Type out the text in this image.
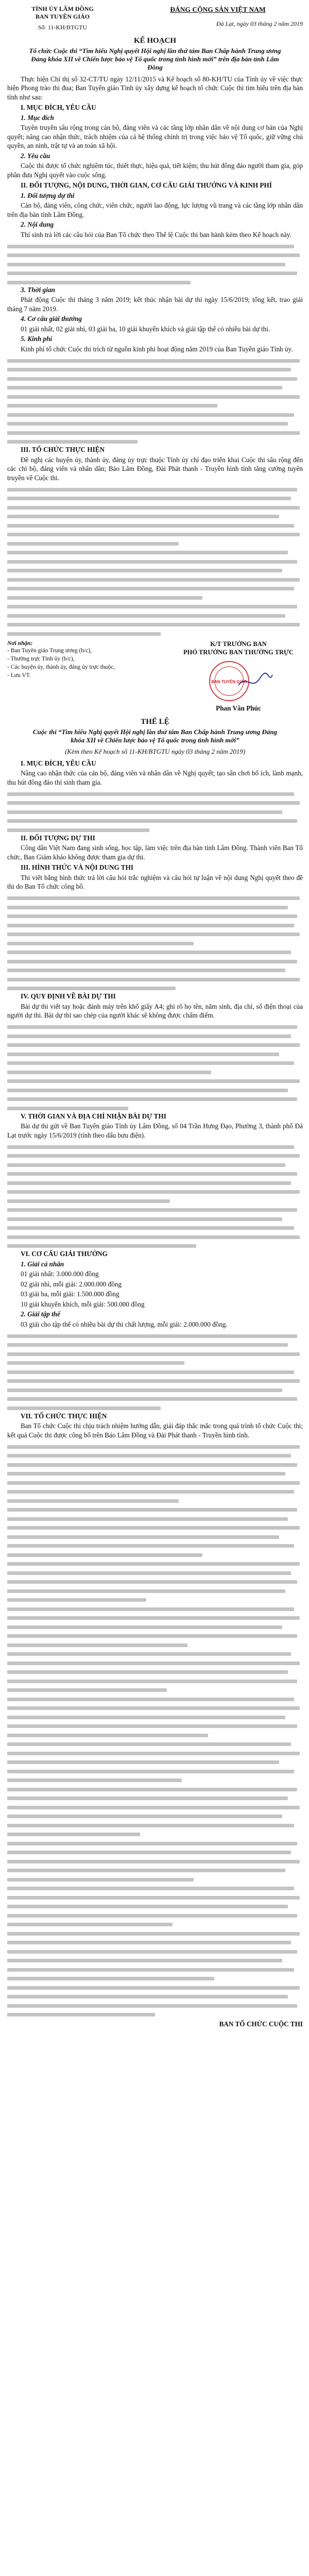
TỈNH ỦY LÂM ĐỒNG
BAN TUYÊN GIÁO
Số: 11-KH/BTGTU
ĐẢNG CỘNG SẢN VIỆT NAM
Đà Lạt, ngày 03 tháng 2 năm 2019
KẾ HOẠCH
Tổ chức Cuộc thi “Tìm hiểu Nghị quyết Hội nghị lần thứ tám Ban Chấp hành Trung ương Đảng khóa XII về Chiến lược bảo vệ Tổ quốc trong tình hình mới” trên địa bàn tỉnh Lâm Đồng

Thực hiện Chỉ thị số 32-CT/TU ngày 12/11/2015 và Kế hoạch số 80-KH/TU của Tỉnh ủy về việc thực hiện Phong trào thi đua; Ban Tuyên giáo Tỉnh ủy xây dựng kế hoạch tổ chức Cuộc thi tìm hiểu trên địa bàn tỉnh như sau:

I. MỤC ĐÍCH, YÊU CẦU
1. Mục đích

Tuyên truyền sâu rộng trong cán bộ, đảng viên và các tầng lớp nhân dân về nội dung cơ bản của Nghị quyết; nâng cao nhận thức, trách nhiệm của cả hệ thống chính trị trong việc bảo vệ Tổ quốc, giữ vững chủ quyền, an ninh, trật tự và an toàn xã hội.

2. Yêu cầu

Cuộc thi được tổ chức nghiêm túc, thiết thực, hiệu quả, tiết kiệm; thu hút đông đảo người tham gia, góp phần đưa Nghị quyết vào cuộc sống.

II. ĐỐI TƯỢNG, NỘI DUNG, THỜI GIAN, CƠ CẤU GIẢI THƯỞNG VÀ KINH PHÍ
1. Đối tượng dự thi

Cán bộ, đảng viên, công chức, viên chức, người lao động, lực lượng vũ trang và các tầng lớp nhân dân trên địa bàn tỉnh Lâm Đồng.

2. Nội dung

Thí sinh trả lời các câu hỏi của Ban Tổ chức theo Thể lệ Cuộc thi ban hành kèm theo Kế hoạch này.

3. Thời gian

Phát động Cuộc thi tháng 3 năm 2019; kết thúc nhận bài dự thi ngày 15/6/2019; tổng kết, trao giải tháng 7 năm 2019.

4. Cơ cấu giải thưởng

01 giải nhất, 02 giải nhì, 03 giải ba, 10 giải khuyến khích và giải tập thể có nhiều bài dự thi.

5. Kinh phí

Kinh phí tổ chức Cuộc thi trích từ nguồn kinh phí hoạt động năm 2019 của Ban Tuyên giáo Tỉnh ủy.

III. TỔ CHỨC THỰC HIỆN

Đề nghị các huyện ủy, thành ủy, đảng ủy trực thuộc Tỉnh ủy chỉ đạo triển khai Cuộc thi sâu rộng đến các chi bộ, đảng viên và nhân dân; Báo Lâm Đồng, Đài Phát thanh - Truyền hình tỉnh tăng cường tuyên truyền về Cuộc thi.

Nơi nhận:

- Ban Tuyên giáo Trung ương (b/c),

- Thường trực Tỉnh ủy (b/c),

- Các huyện ủy, thành ủy, đảng ủy trực thuộc,

- Lưu VT.

K/T TRƯỞNG BAN
PHÓ TRƯỞNG BAN THƯỜNG TRỰC
BAN TUYÊN GIÁO
Phan Văn Phúc
THỂ LỆ
Cuộc thi “Tìm hiểu Nghị quyết Hội nghị lần thứ tám Ban Chấp hành Trung ương Đảng khóa XII về Chiến lược bảo vệ Tổ quốc trong tình hình mới”
(Kèm theo Kế hoạch số 11-KH/BTGTU ngày 03 tháng 2 năm 2019)
I. MỤC ĐÍCH, YÊU CẦU

Nâng cao nhận thức của cán bộ, đảng viên và nhân dân về Nghị quyết; tạo sân chơi bổ ích, lành mạnh, thu hút đông đảo thí sinh tham gia.

II. ĐỐI TƯỢNG DỰ THI

Công dân Việt Nam đang sinh sống, học tập, làm việc trên địa bàn tỉnh Lâm Đồng. Thành viên Ban Tổ chức, Ban Giám khảo không được tham gia dự thi.

III. HÌNH THỨC VÀ NỘI DUNG THI

Thi viết bằng hình thức trả lời câu hỏi trắc nghiệm và câu hỏi tự luận về nội dung Nghị quyết theo đề thi do Ban Tổ chức công bố.

IV. QUY ĐỊNH VỀ BÀI DỰ THI

Bài dự thi viết tay hoặc đánh máy trên khổ giấy A4; ghi rõ họ tên, năm sinh, địa chỉ, số điện thoại của người dự thi. Bài dự thi sao chép của người khác sẽ không được chấm điểm.

V. THỜI GIAN VÀ ĐỊA CHỈ NHẬN BÀI DỰ THI

Bài dự thi gửi về Ban Tuyên giáo Tỉnh ủy Lâm Đồng, số 04 Trần Hưng Đạo, Phường 3, thành phố Đà Lạt trước ngày 15/6/2019 (tính theo dấu bưu điện).

VI. CƠ CẤU GIẢI THƯỞNG
1. Giải cá nhân

01 giải nhất: 3.000.000 đồng

02 giải nhì, mỗi giải: 2.000.000 đồng

03 giải ba, mỗi giải: 1.500.000 đồng

10 giải khuyến khích, mỗi giải: 500.000 đồng

2. Giải tập thể

03 giải cho tập thể có nhiều bài dự thi chất lượng, mỗi giải: 2.000.000 đồng.

VII. TỔ CHỨC THỰC HIỆN

Ban Tổ chức Cuộc thi chịu trách nhiệm hướng dẫn, giải đáp thắc mắc trong quá trình tổ chức Cuộc thi; kết quả Cuộc thi được công bố trên Báo Lâm Đồng và Đài Phát thanh - Truyền hình tỉnh.

BAN TỔ CHỨC CUỘC THI
